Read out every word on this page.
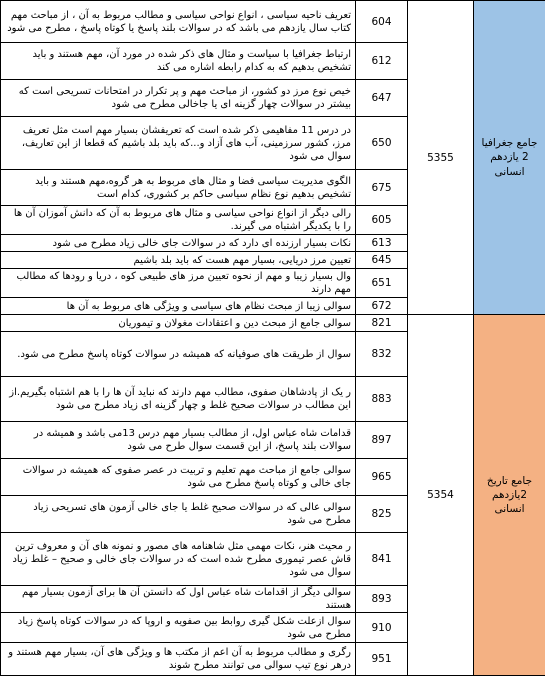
جامع جغرافیا 2 یازدهم انسانی	5355	604	تعریف ناحیه سیاسی ، انواع نواحی سیاسی و مطالب مربوط به آن ، از مباحث مهم کتاب سال یازدهم می باشد که در سوالات بلند پاسخ یا کوتاه پاسخ ، مطرح می شود
		612	ارتباط جغرافیا با سیاست و مثال های ذکر شده در مورد آن، مهم هستند و باید تشخیص بدهیم که به کدام رابطه اشاره می کند
		647	خیص نوع مرز دو کشور، از مباحث مهم و پر تکرار در امتحانات تسریحی است که بیشتر در سوالات چهار گزینه ای یا جاخالی مطرح می شود
		650	در درس 11 مفاهیمی ذکر شده است که تعریفشان بسیار مهم است مثل تعریف مرز، کشور سرزمینی، آب های آزاد و...که باید بلد باشیم که قطعا از این تعاریف، سوال می شود
		675	الگوی مدیریت سیاسی فضا و مثال های مربوط به هر گروه،مهم هستند و باید تشخیص بدهیم نوع نظام سیاسی حاکم بر کشوری، کدام است
		605	رالی دیگر از انواع نواحی سیاسی و مثال های مربوط به آن که دانش آموزان آن ها را با یکدیگر اشتباه می گیرند.
		613	نکات بسیار ارزنده ای دارد که در سوالات جای خالی زیاد مطرح می شود
		645	تعیین مرز دریایی، بسیار مهم هست که باید بلد باشیم
		651	وال بسیار زیبا و مهم از نحوه تعیین مرز های طبیعی کوه ، دریا و رودها که مطالب مهم دارند
		672	سوالی زیبا از مبحث نظام های سیاسی و ویژگی های مربوط به آن ها
جامع تاریخ 2یازدهم انسانی	5354	821	سوالی جامع از مبحث دین و اعتقادات مغولان و تیموریان
		832	سوال از طریقت های صوفیانه که همیشه در سوالات کوتاه پاسخ مطرح می شود.
		883	ر یک از پادشاهان صفوی، مطالب مهم دارند که نباید آن ها را با هم اشتباه بگیریم.از این مطالب در سوالات صحیح غلط و چهار گزینه ای زیاد مطرح می شود
		897	قدامات شاه عباس اول، از مطالب بسیار مهم درس 13می باشد و همیشه در سوالات بلند پاسخ، از این قسمت سوال طرح می شود
		965	سوالی جامع از مباحث مهم تعلیم و تربیت در عصر صفوی که همیشه در سوالات جای خالی و کوتاه پاسخ مطرح می شود
		825	سوالی عالی که در سوالات صحیح غلط یا جای خالی آزمون های تسریحی زیاد مطرح می شود
		841	ر محیث هنر، نکات مهمی مثل شاهنامه های مصور و نمونه های آن و معروف ترین قاش عصر تیموری مطرح شده است که در سوالات جای خالی و صحیح – غلط زیاد سوال می شود
		893	سوالی دیگر از اقدامات شاه عباس اول که دانستن آن ها برای آزمون بسیار مهم هستند
		910	سوال ازعلت شکل گیری روابط بین صفویه و اروپا که در سوالات کوتاه پاسخ زیاد مطرح می شود
		951	رگری و مطالب مربوط به آن اعم از مکتب ها و ویژگی های آن، بسیار مهم هستند و درهر نوع تیپ سوالی می توانند مطرح شوند
